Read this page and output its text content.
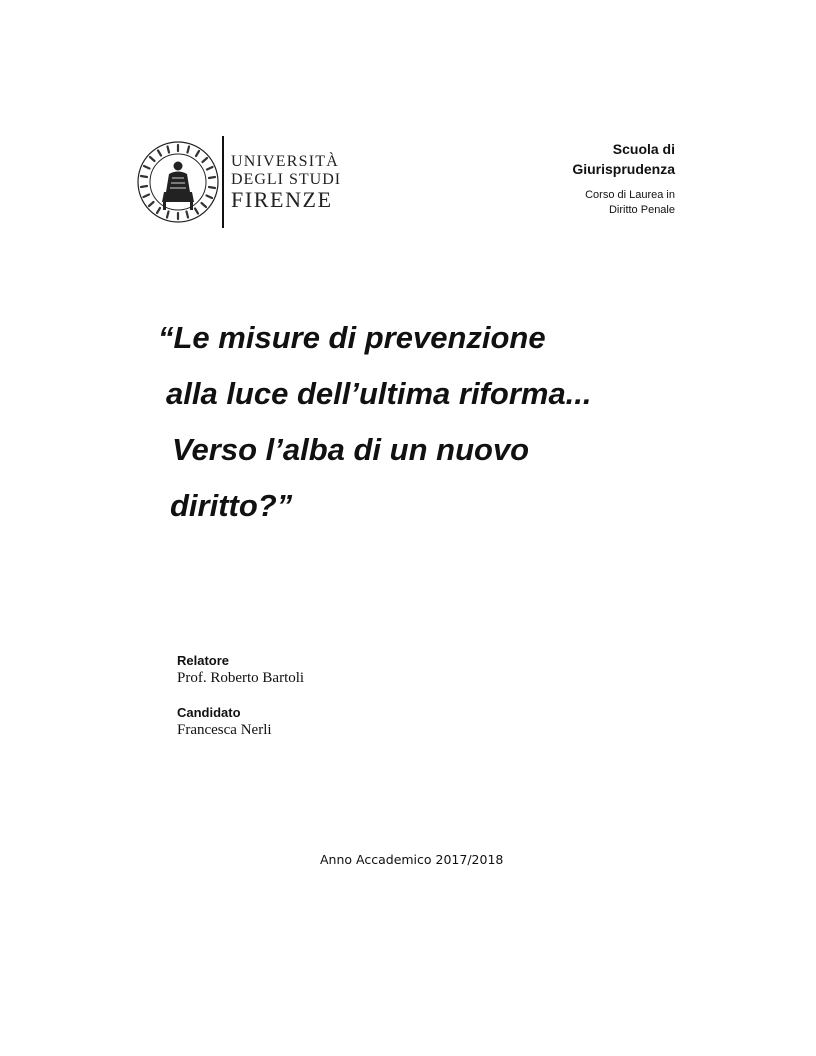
UNIVERSITÀ
DEGLI STUDI
FIRENZE
Scuola di
Giurisprudenza
Corso di Laurea in
Diritto Penale
“Le misure di prevenzione
alla luce dell’ultima riforma...
Verso l’alba di un nuovo
diritto?”
Relatore
Prof. Roberto Bartoli
Candidato
Francesca Nerli
Anno Accademico 2017/2018
